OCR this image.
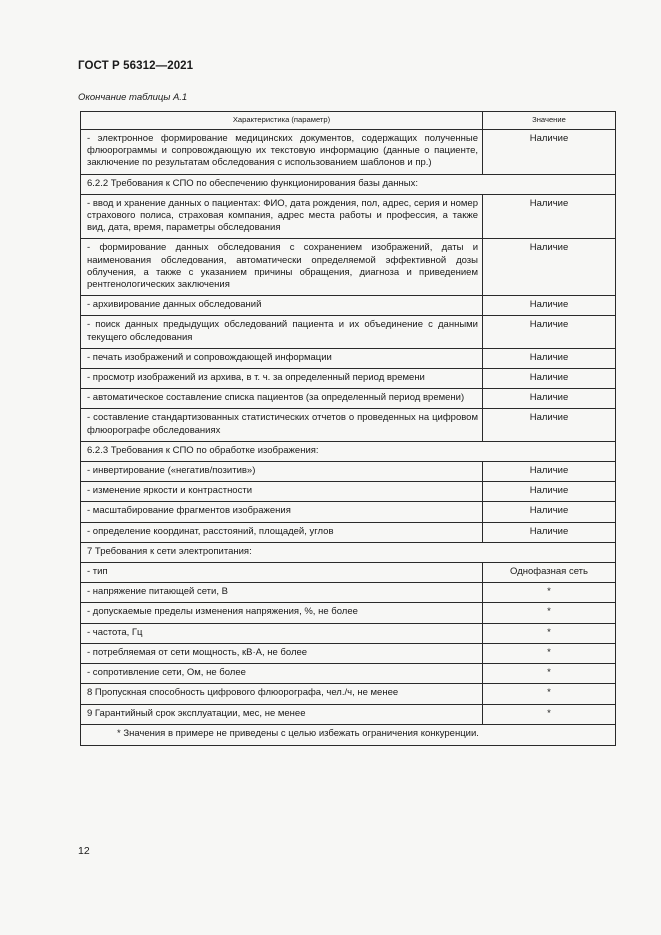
ГОСТ Р 56312—2021
Окончание таблицы А.1
Характеристика (параметр)	Значение
- электронное формирование медицинских документов, содержащих полученные флюорограммы и сопровождающую их текстовую информацию (данные о пациенте, заключение по результатам обследования с использованием шаблонов и пр.)	Наличие
6.2.2 Требования к СПО по обеспечению функционирования базы данных:	
- ввод и хранение данных о пациентах: ФИО, дата рождения, пол, адрес, серия и номер страхового полиса, страховая компания, адрес места работы и профессия, а также вид, дата, время, параметры обследования	Наличие
- формирование данных обследования с сохранением изображений, даты и наименования обследования, автоматически определяемой эффективной дозы облучения, а также с указанием причины обращения, диагноза и приведением рентгенологических заключения	Наличие
- архивирование данных обследований	Наличие
- поиск данных предыдущих обследований пациента и их объединение с данными текущего обследования	Наличие
- печать изображений и сопровождающей информации	Наличие
- просмотр изображений из архива, в т. ч. за определенный период времени	Наличие
- автоматическое составление списка пациентов (за определенный период времени)	Наличие
- составление стандартизованных статистических отчетов о проведенных на цифровом флюорографе обследованиях	Наличие
6.2.3 Требования к СПО по обработке изображения:	
- инвертирование («негатив/позитив»)	Наличие
- изменение яркости и контрастности	Наличие
- масштабирование фрагментов изображения	Наличие
- определение координат, расстояний, площадей, углов	Наличие
7 Требования к сети электропитания:	
- тип	Однофазная сеть
- напряжение питающей сети, В	*
- допускаемые пределы изменения напряжения, %, не более	*
- частота, Гц	*
- потребляемая от сети мощность, кВ·А, не более	*
- сопротивление сети, Ом, не более	*
8 Пропускная способность цифрового флюорографа, чел./ч, не менее	*
9 Гарантийный срок эксплуатации, мес, не менее	*
* Значения в примере не приведены с целью избежать ограничения конкуренции.	
12
